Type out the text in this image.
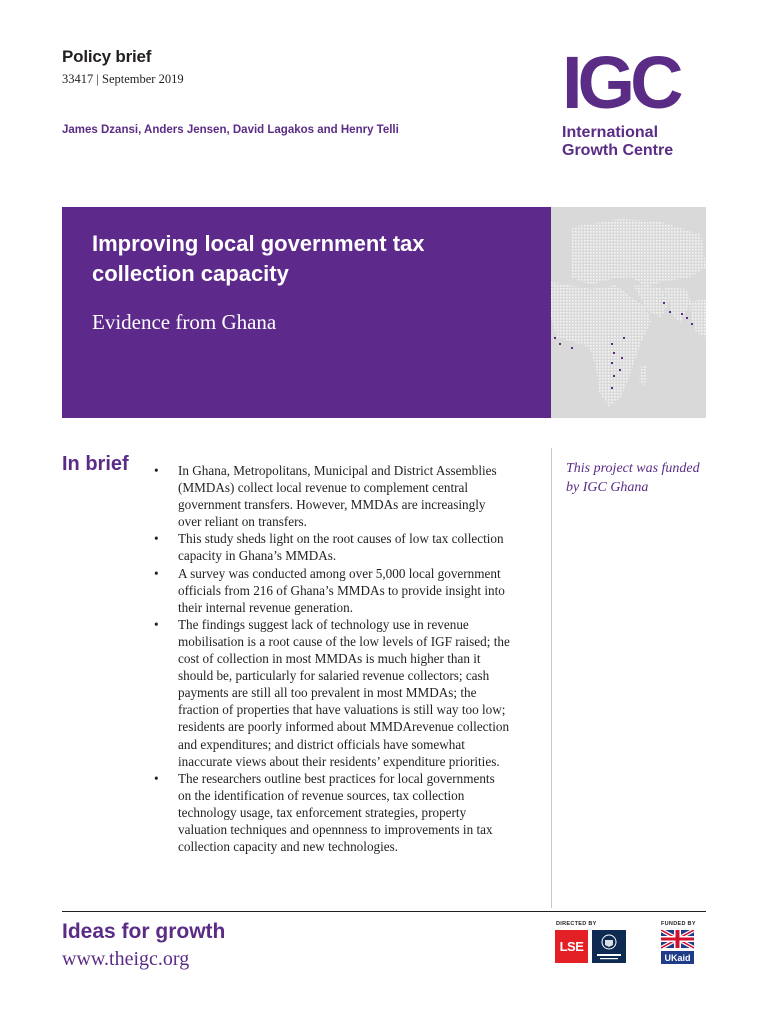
Policy brief
33417 | September 2019
James Dzansi, Anders Jensen, David Lagakos and Henry Telli
IGC
International
Growth Centre
Improving local government tax collection capacity
Evidence from Ghana
In brief
•	In Ghana, Metropolitans, Municipal and District Assemblies (MMDAs) collect local revenue to complement central government transfers. However, MMDAs are increasingly over reliant on transfers.
• This study sheds light on the root causes of low tax collection capacity in Ghana’s MMDAs.
• A survey was conducted among over 5,000 local government officials from 216 of Ghana’s MMDAs to provide insight into their internal revenue generation.
• The findings suggest lack of technology use in revenue mobilisation is a root cause of the low levels of IGF raised; the cost of collection in most MMDAs is much higher than it should be, particularly for salaried revenue collectors; cash payments are still all too prevalent in most MMDAs; the fraction of properties that have valuations is still way too low; residents are poorly informed about MMDArevenue collection and expenditures; and district officials have somewhat inaccurate views about their residents’ expenditure priorities.
• The researchers outline best practices for local governments on the identification of revenue sources, tax collection technology usage, tax enforcement strategies, property valuation techniques and opennness to improvements in tax collection capacity and new technologies.
This project was funded by IGC Ghana
Ideas for growth
www.theigc.org
DIRECTED BY	FUNDED BY
LSE
UKaid
